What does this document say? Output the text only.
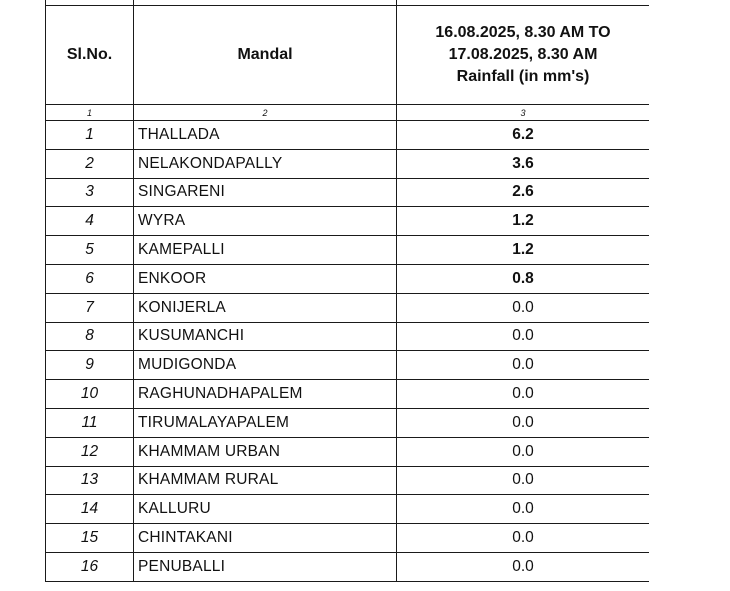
Sl.No.	Mandal	16.08.2025, 8.30 AM TO
17.08.2025, 8.30 AM
Rainfall (in mm's)

1	2	3
1	THALLADA	6.2
2	NELAKONDAPALLY	3.6
3	SINGARENI	2.6
4	WYRA	1.2
5	KAMEPALLI	1.2
6	ENKOOR	0.8
7	KONIJERLA	0.0
8	KUSUMANCHI	0.0
9	MUDIGONDA	0.0
10	RAGHUNADHAPALEM	0.0
11	TIRUMALAYAPALEM	0.0
12	KHAMMAM URBAN	0.0
13	KHAMMAM RURAL	0.0
14	KALLURU	0.0
15	CHINTAKANI	0.0
16	PENUBALLI	0.0
